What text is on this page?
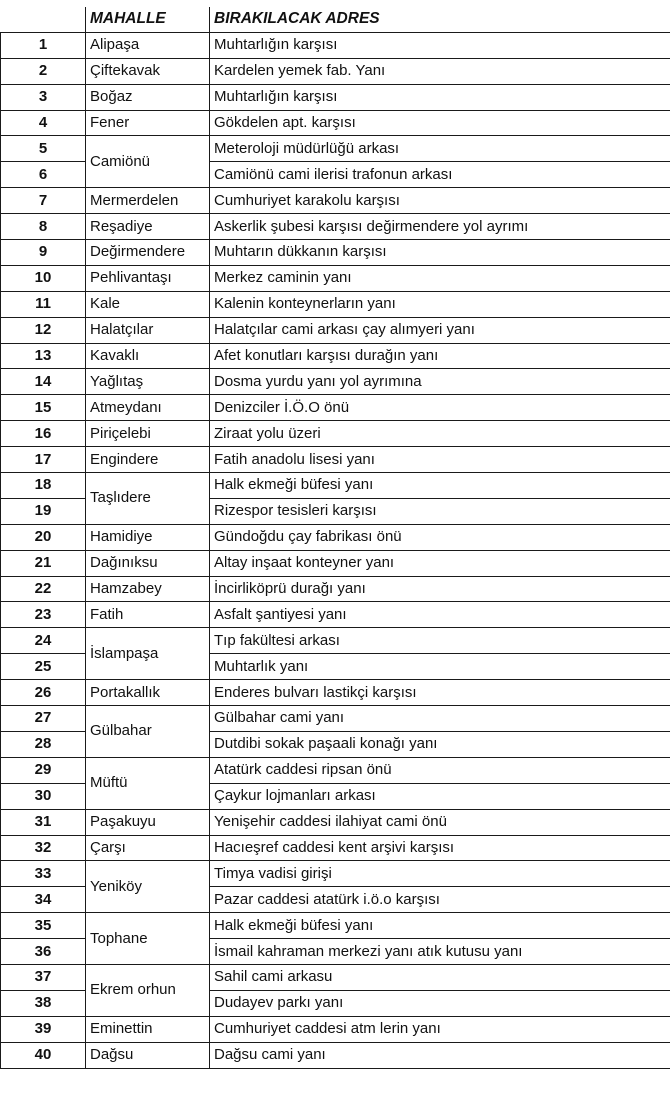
	MAHALLE	BIRAKILACAK ADRES
1	Alipaşa	Muhtarlığın karşısı
2	Çiftekavak	Kardelen yemek fab. Yanı
3	Boğaz	Muhtarlığın karşısı
4	Fener	Gökdelen apt. karşısı
5	Camiönü	Meteroloji müdürlüğü arkası
6		Camiönü cami ilerisi trafonun arkası
7	Mermerdelen	Cumhuriyet karakolu karşısı
8	Reşadiye	Askerlik şubesi karşısı değirmendere yol ayrımı
9	Değirmendere	Muhtarın dükkanın karşısı
10	Pehlivantaşı	Merkez caminin yanı
11	Kale	Kalenin konteynerların yanı
12	Halatçılar	Halatçılar cami arkası çay alımyeri yanı
13	Kavaklı	Afet konutları karşısı durağın yanı
14	Yağlıtaş	Dosma yurdu yanı yol ayrımına
15	Atmeydanı	Denizciler İ.Ö.O önü
16	Piriçelebi	Ziraat yolu üzeri
17	Engindere	Fatih anadolu lisesi yanı
18	Taşlıdere	Halk ekmeği büfesi yanı
19		Rizespor tesisleri karşısı
20	Hamidiye	Gündoğdu çay fabrikası önü
21	Dağınıksu	Altay inşaat konteyner yanı
22	Hamzabey	İncirliköprü durağı yanı
23	Fatih	Asfalt şantiyesi yanı
24	İslampaşa	Tıp fakültesi arkası
25		Muhtarlık yanı
26	Portakallık	Enderes bulvarı lastikçi karşısı
27	Gülbahar	Gülbahar cami yanı
28		Dutdibi sokak paşaali konağı yanı
29	Müftü	Atatürk caddesi ripsan önü
30		Çaykur lojmanları arkası
31	Paşakuyu	Yenişehir caddesi ilahiyat cami önü
32	Çarşı	Hacıeşref caddesi kent arşivi karşısı
33	Yeniköy	Timya vadisi girişi
34		Pazar caddesi atatürk i.ö.o karşısı
35	Tophane	Halk ekmeği büfesi yanı
36		İsmail kahraman merkezi yanı atık kutusu yanı
37	Ekrem orhun	Sahil cami arkasu
38		Dudayev parkı yanı
39	Eminettin	Cumhuriyet caddesi atm lerin yanı
40	Dağsu	Dağsu cami yanı
